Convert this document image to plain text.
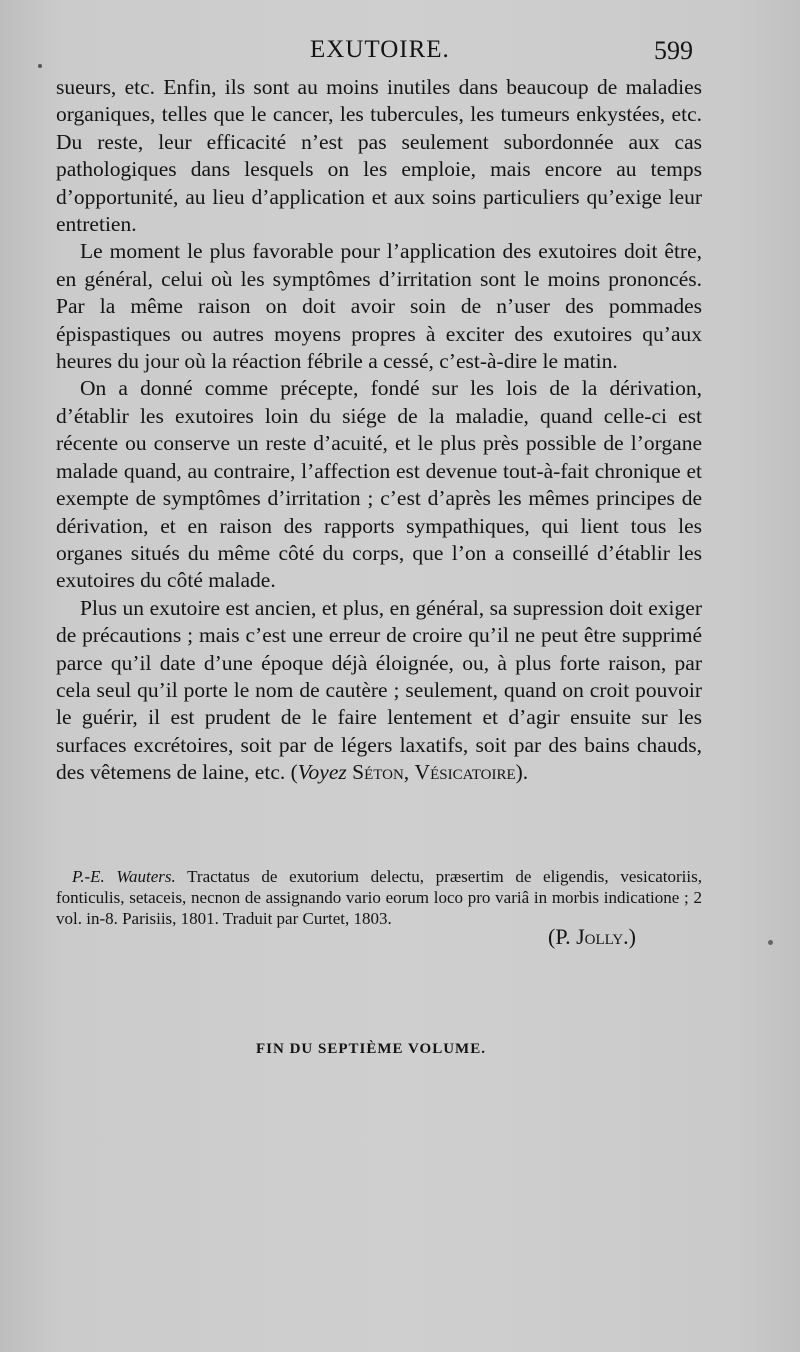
EXUTOIRE.	599

sueurs, etc. Enfin, ils sont au moins inutiles dans beaucoup de maladies organiques, telles que le cancer, les tubercules, les tumeurs enkystées, etc. Du reste, leur efficacité n’est pas seulement subordonnée aux cas pathologiques dans lesquels on les emploie, mais encore au temps d’opportunité, au lieu d’application et aux soins particuliers qu’exige leur entretien.

Le moment le plus favorable pour l’application des exutoires doit être, en général, celui où les symptômes d’irritation sont le moins prononcés. Par la même raison on doit avoir soin de n’user des pommades épispastiques ou autres moyens propres à exciter des exutoires qu’aux heures du jour où la réaction fébrile a cessé, c’est-à-dire le matin.

On a donné comme précepte, fondé sur les lois de la dérivation, d’établir les exutoires loin du siége de la maladie, quand celle-ci est récente ou conserve un reste d’acuité, et le plus près possible de l’organe malade quand, au contraire, l’affection est devenue tout-à-fait chronique et exempte de symptômes d’irritation ; c’est d’après les mêmes principes de dérivation, et en raison des rapports sympathiques, qui lient tous les organes situés du même côté du corps, que l’on a conseillé d’établir les exutoires du côté malade.

Plus un exutoire est ancien, et plus, en général, sa supression doit exiger de précautions ; mais c’est une erreur de croire qu’il ne peut être supprimé parce qu’il date d’une époque déjà éloignée, ou, à plus forte raison, par cela seul qu’il porte le nom de cautère ; seulement, quand on croit pouvoir le guérir, il est prudent de le faire lentement et d’agir ensuite sur les surfaces excrétoires, soit par de légers laxatifs, soit par des bains chauds, des vêtemens de laine, etc. (Voyez Séton, Vésicatoire).

P.-E. Wauters. Tractatus de exutorium delectu, præsertim de eligendis, vesicatoriis, fonticulis, setaceis, necnon de assignando vario eorum loco pro variâ in morbis indicatione ; 2 vol. in-8. Parisiis, 1801. Traduit par Curtet, 1803.
(P. Jolly.)
FIN DU SEPTIÈME VOLUME.
